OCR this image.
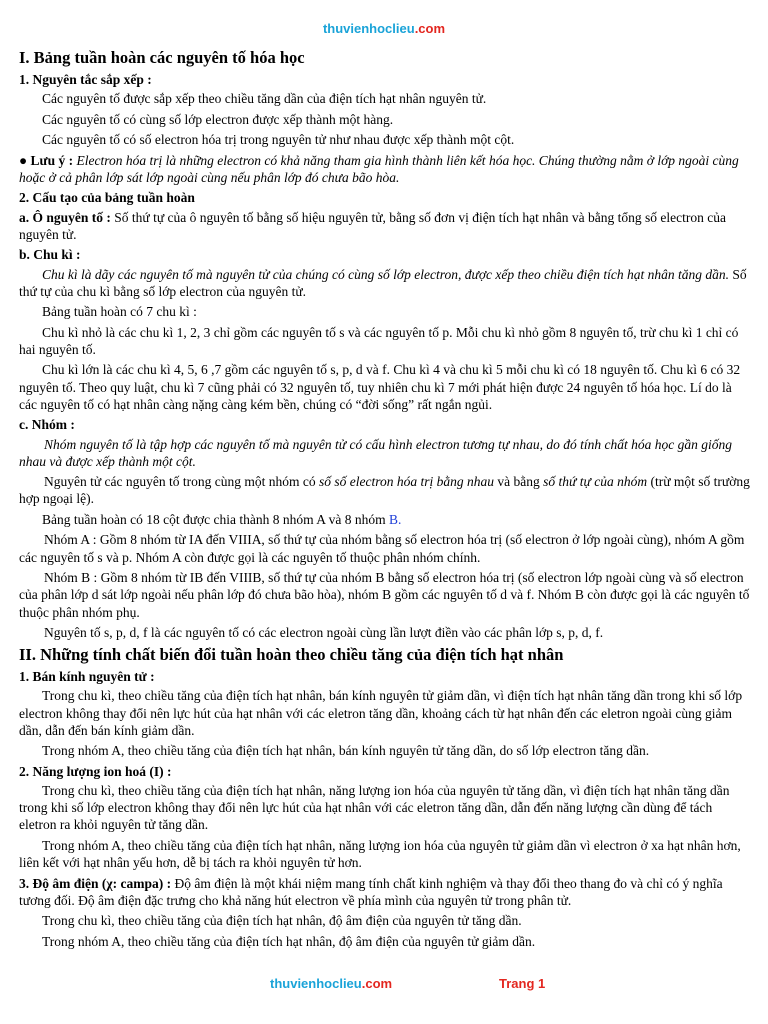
thuvienhoclieu.com
I. Bảng tuần hoàn các nguyên tố hóa học
1. Nguyên tắc sắp xếp :

Các nguyên tố được sắp xếp theo chiều tăng dần của điện tích hạt nhân nguyên tử.

Các nguyên tố có cùng số lớp electron được xếp thành một hàng.

Các nguyên tố có số electron hóa trị trong nguyên tử như nhau được xếp thành một cột.

● Lưu ý : Electron hóa trị là những electron có khả năng tham gia hình thành liên kết hóa học. Chúng thường nằm ở lớp ngoài cùng hoặc ở cả phân lớp sát lớp ngoài cùng nếu phân lớp đó chưa bão hòa.

2. Cấu tạo của bảng tuần hoàn

a. Ô nguyên tố : Số thứ tự của ô nguyên tố bằng số hiệu nguyên tử, bằng số đơn vị điện tích hạt nhân và bằng tổng số electron của nguyên tử.

b. Chu kì :

Chu kì là dãy các nguyên tố mà nguyên tử của chúng có cùng số lớp electron, được xếp theo chiều điện tích hạt nhân tăng dần. Số thứ tự của chu kì bằng số lớp electron của nguyên tử.

Bảng tuần hoàn có 7 chu kì :

Chu kì nhỏ là các chu kì 1, 2, 3 chỉ gồm các nguyên tố s và các nguyên tố p. Mỗi chu kì nhỏ gồm 8 nguyên tố, trừ chu kì 1 chỉ có hai nguyên tố.

Chu kì lớn là các chu kì 4, 5, 6 ,7 gồm các nguyên tố s, p, d và f. Chu kì 4 và chu kì 5 mỗi chu kì có 18 nguyên tố. Chu kì 6 có 32 nguyên tố. Theo quy luật, chu kì 7 cũng phải có 32 nguyên tố, tuy nhiên chu kì 7 mới phát hiện được 24 nguyên tố hóa học. Lí do là các nguyên tố có hạt nhân càng nặng càng kém bền, chúng có “đời sống” rất ngắn ngủi.

c. Nhóm :

Nhóm nguyên tố là tập hợp các nguyên tố mà nguyên tử có cấu hình electron tương tự nhau, do đó tính chất hóa học gần giống nhau và được xếp thành một cột.

Nguyên tử các nguyên tố trong cùng một nhóm có số số electron hóa trị bằng nhau và bằng số thứ tự của nhóm (trừ một số trường hợp ngoại lệ).

Bảng tuần hoàn có 18 cột được chia thành 8 nhóm A và 8 nhóm B.

Nhóm A : Gồm 8 nhóm từ IA đến VIIIA, số thứ tự của nhóm bằng số electron hóa trị (số electron ở lớp ngoài cùng), nhóm A gồm các nguyên tố s và p. Nhóm A còn được gọi là các nguyên tố thuộc phân nhóm chính.

Nhóm B : Gồm 8 nhóm từ IB đến VIIIB, số thứ tự của nhóm B bằng số electron hóa trị (số electron lớp ngoài cùng và số electron của phân lớp d sát lớp ngoài nếu phân lớp đó chưa bão hòa), nhóm B gồm các nguyên tố d và f. Nhóm B còn được gọi là các nguyên tố thuộc phân nhóm phụ.

Nguyên tố s, p, d, f là các nguyên tố có các electron ngoài cùng lần lượt điền vào các phân lớp s, p, d, f.

II. Những tính chất biến đổi tuần hoàn theo chiều tăng của điện tích hạt nhân
1. Bán kính nguyên tử :

Trong chu kì, theo chiều tăng của điện tích hạt nhân, bán kính nguyên tử giảm dần, vì điện tích hạt nhân tăng dần trong khi số lớp electron không thay đổi nên lực hút của hạt nhân với các eletron tăng dần, khoảng cách từ hạt nhân đến các eletron ngoài cùng giảm dần, dẫn đến bán kính giảm dần.

Trong nhóm A, theo chiều tăng của điện tích hạt nhân, bán kính nguyên tử tăng dần, do số lớp electron tăng dần.

2. Năng lượng ion hoá (I) :

Trong chu kì, theo chiều tăng của điện tích hạt nhân, năng lượng ion hóa của nguyên tử tăng dần, vì điện tích hạt nhân tăng dần trong khi số lớp electron không thay đổi nên lực hút của hạt nhân với các eletron tăng dần, dẫn đến năng lượng cần dùng để tách eletron ra khỏi nguyên tử tăng dần.

Trong nhóm A, theo chiều tăng của điện tích hạt nhân, năng lượng ion hóa của nguyên tử giảm dần vì electron ở xa hạt nhân hơn, liên kết với hạt nhân yếu hơn, dễ bị tách ra khỏi nguyên tử hơn.

3. Độ âm điện (χ: campa) : Độ âm điện là một khái niệm mang tính chất kinh nghiệm và thay đổi theo thang đo và chỉ có ý nghĩa tương đối. Độ âm điện đặc trưng cho khả năng hút electron về phía mình của nguyên tử trong phân tử.

Trong chu kì, theo chiều tăng của điện tích hạt nhân, độ âm điện của nguyên tử tăng dần.

Trong nhóm A, theo chiều tăng của điện tích hạt nhân, độ âm điện của nguyên tử giảm dần.

thuvienhoclieu.com	Trang 1
